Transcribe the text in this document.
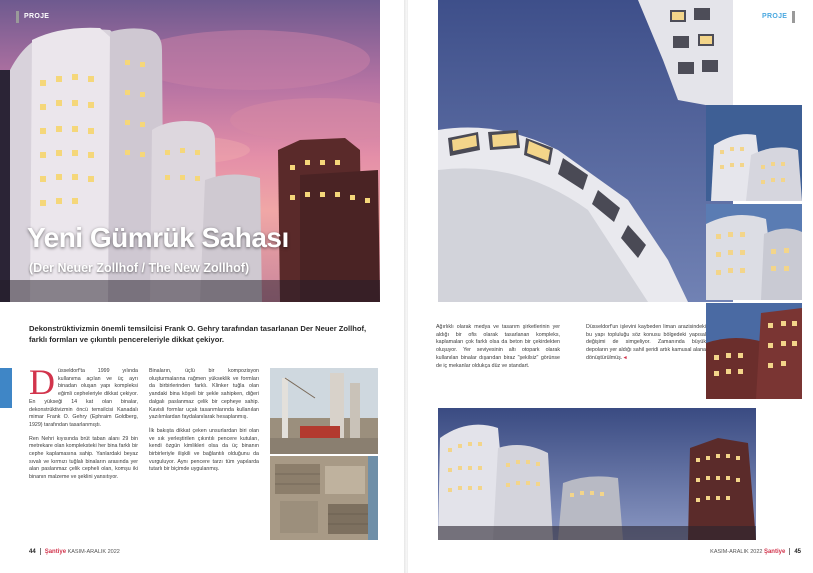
PROJE
Yeni Gümrük Sahası
(Der Neuer Zollhof / The New Zollhof)
Dekonstrüktivizmin önemli temsilcisi Frank O. Gehry tarafından tasarlanan Der Neuer Zollhof, farklı formları ve çıkıntılı pencereleriyle dikkat çekiyor.

Düsseldorf'ta 1999 yılında kullanıma açılan ve üç ayrı binadan oluşan yapı kompleksi eğimli cepheleriyle dikkat çekiyor. En yükseği 14 kat olan binalar, dekonstrüktivizmin öncü temsilcisi Kanadalı mimar Frank O. Gehry (Ephraim Goldberg, 1929) tarafından tasarlanmıştı.

Ren Nehri kıyısında brüt taban alanı 29 bin metrekare olan kompleksteki her bina farklı bir cephe kaplamasına sahip. Yanlardaki beyaz sıvalı ve kırmızı tuğlalı binaların arasında yer alan paslanmaz çelik cepheli olan, komşu iki binanın malzeme ve şeklini yansıtıyor.

Binaların, üçlü bir kompozisyon oluşturmalarına rağmen yükseklik ve formları da birbirlerinden farklı. Klinker tuğla olan yandaki bina köşeli bir şekle sahipken, diğeri dalgalı paslanmaz çelik bir cepheye sahip. Kavisli formlar uçak tasarımlarında kullanılan yazılımlardan faydalanılarak hesaplanmış.

İlk bakışta dikkat çeken unsurlardan biri olan ve sık yerleştirilen çıkıntılı pencere kutuları, kendi özgün kimlikleri olsa da üç binanın birbirleriyle ilişkili ve bağlantılı olduğunu da vurguluyor. Aynı pencere tarzı tüm yapılarda tutarlı bir biçimde uygulanmış.

44 Şantiye KASIM-ARALIK 2022
PROJE

Ağırlıklı olarak medya ve tasarım şirketlerinin yer aldığı bir ofis olarak tasarlanan kompleks, kaplamaları çok farklı olsa da beton bir çekirdekten oluşuyor. Yer seviyesinin altı otopark olarak kullanılan binalar dışarıdan biraz "şekilsiz" görünse de iç mekanlar oldukça düz ve standart.

Düsseldorf'un işlevini kaybeden liman arazisindeki bu yapı topluluğu söz konusu bölgedeki yapısal değişimi de simgeliyor. Zamanında büyük depoların yer aldığı sahil şeridi artık kamusal alana dönüştürülmüş. ◂

KASIM-ARALIK 2022 Şantiye 45
